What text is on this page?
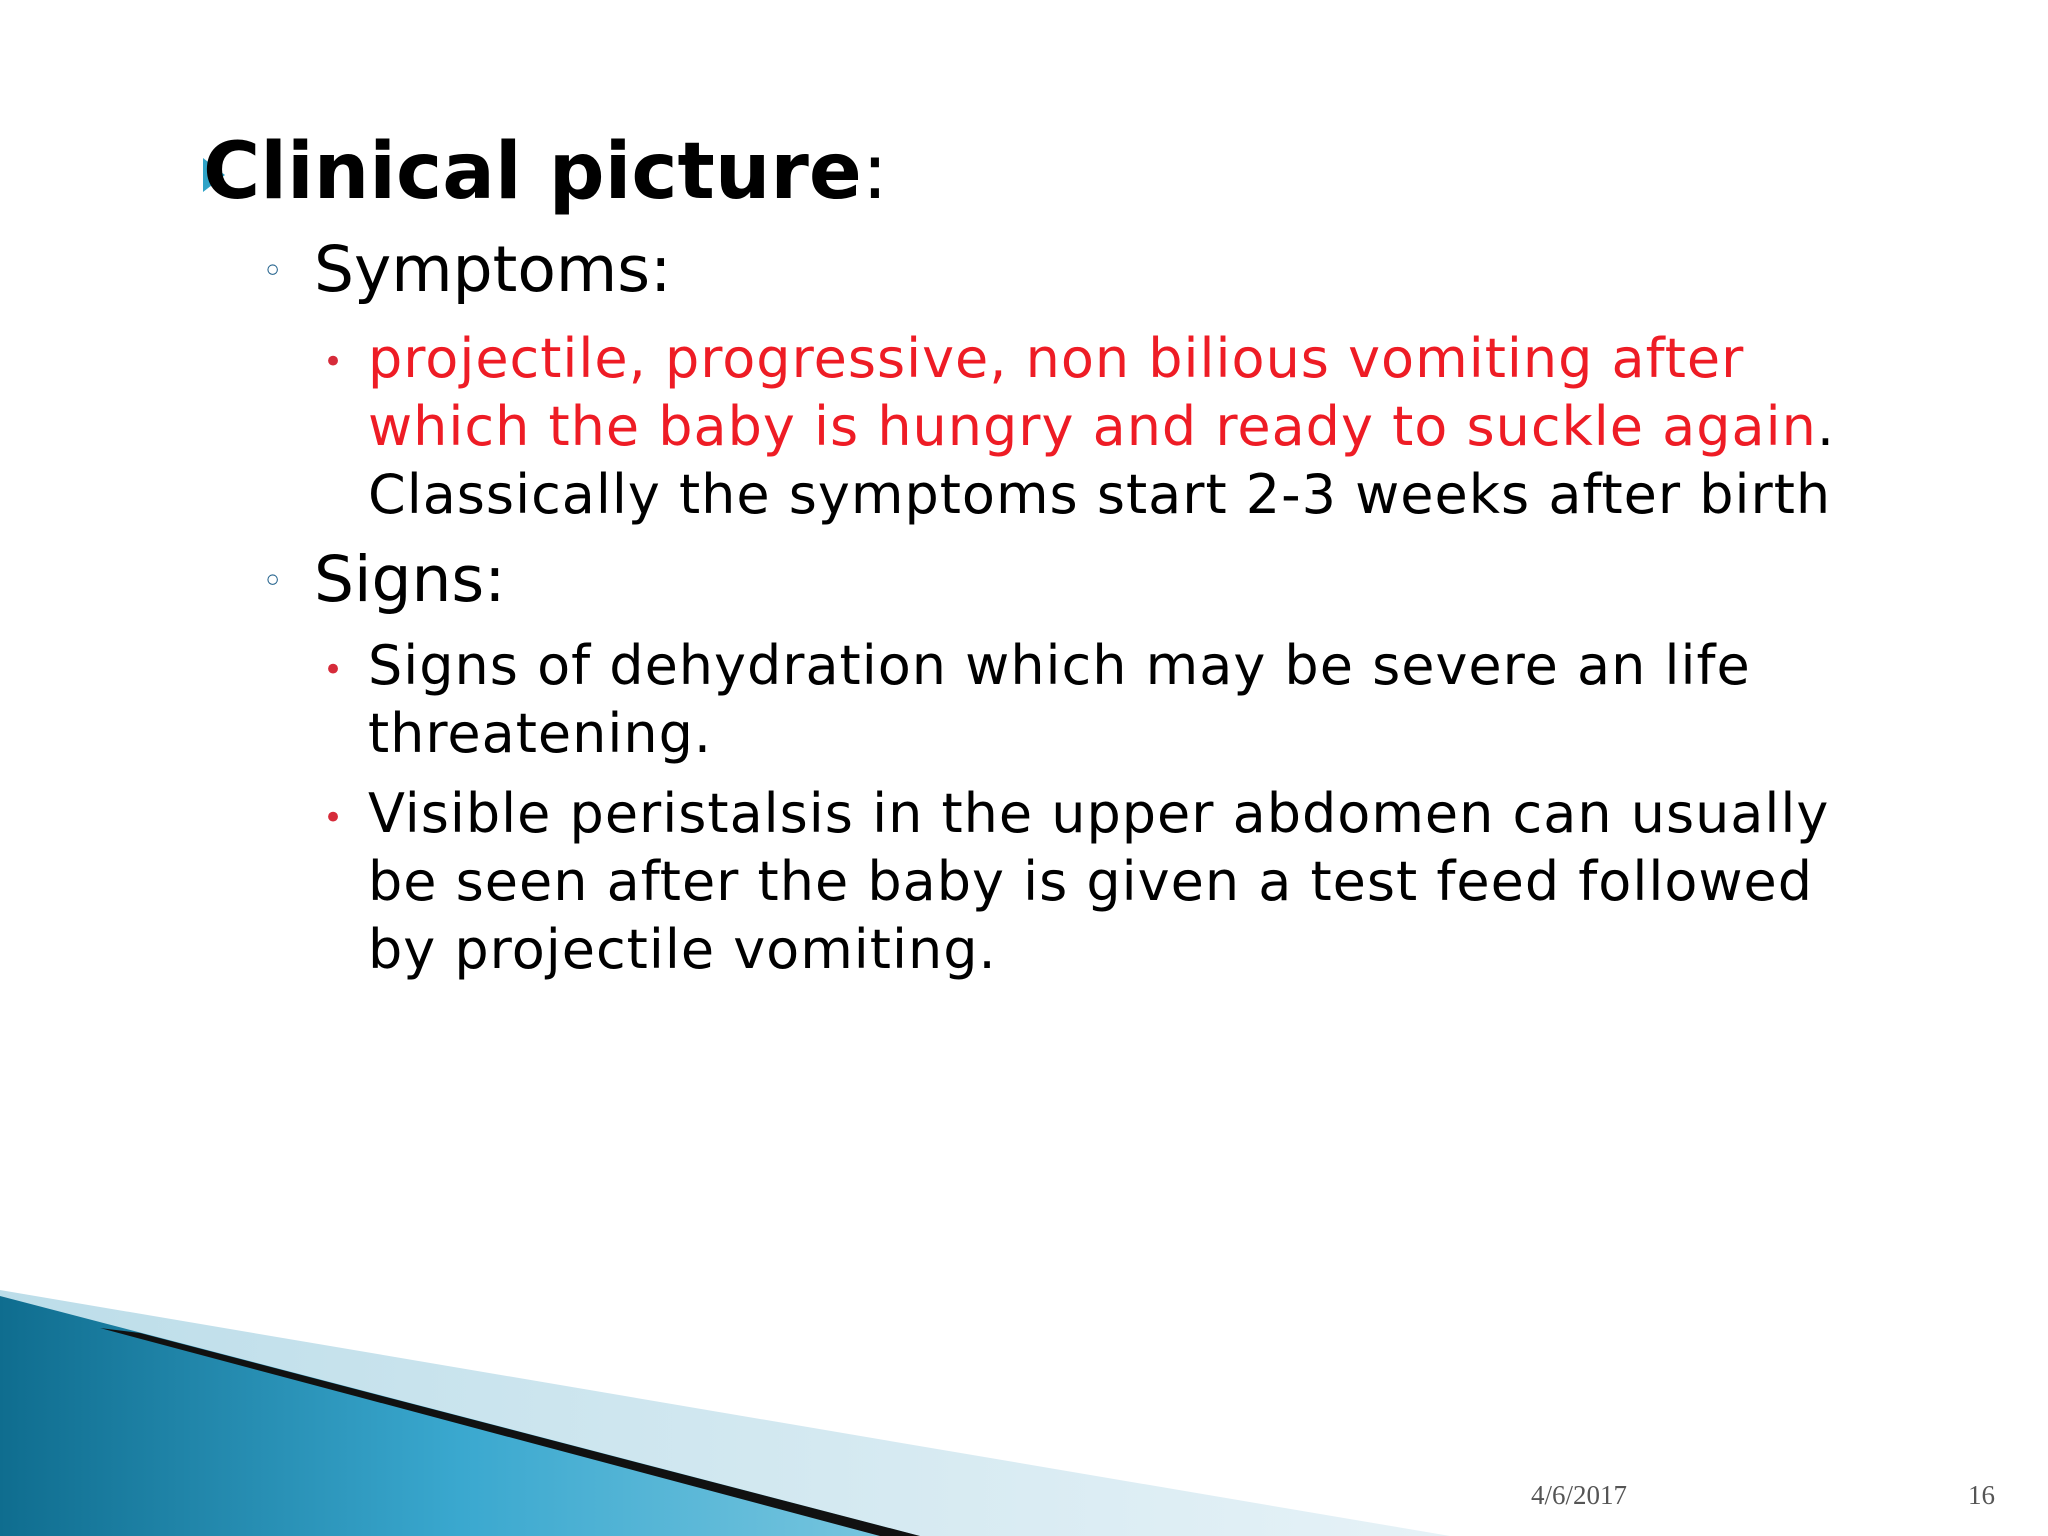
Clinical picture:
◦ Symptoms:
• projectile, progressive, non bilious vomiting after which the baby is hungry and ready to suckle again. Classically the symptoms start 2-3 weeks after birth
◦ Signs:
• Signs of dehydration which may be severe an life threatening.
• Visible peristalsis in the upper abdomen can usually be seen after the baby is given a test feed followed by projectile vomiting.
4/6/2017	16
